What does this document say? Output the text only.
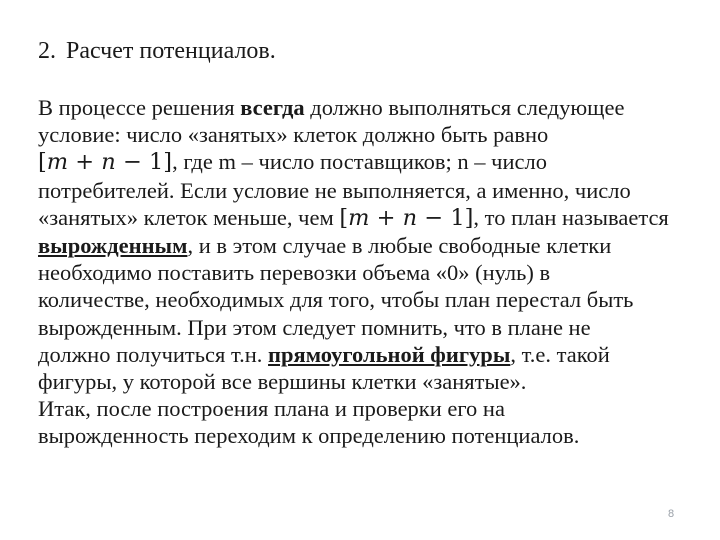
2. Расчет потенциалов.
В процессе решения всегда должно выполняться следующее
условие: число «занятых» клеток должно быть равно
[m + n − 1], где m – число поставщиков; n – число
потребителей. Если условие не выполняется, а именно, число
«занятых» клеток меньше, чем [m + n − 1], то план называется
вырожденным, и в этом случае в любые свободные клетки
необходимо поставить перевозки объема «0» (нуль) в
количестве, необходимых для того, чтобы план перестал быть
вырожденным. При этом следует помнить, что в плане не
должно получиться т.н. прямоугольной фигуры, т.е. такой
фигуры, у которой все вершины клетки «занятые».
Итак, после построения плана и проверки его на
вырожденность переходим к определению потенциалов.
8
